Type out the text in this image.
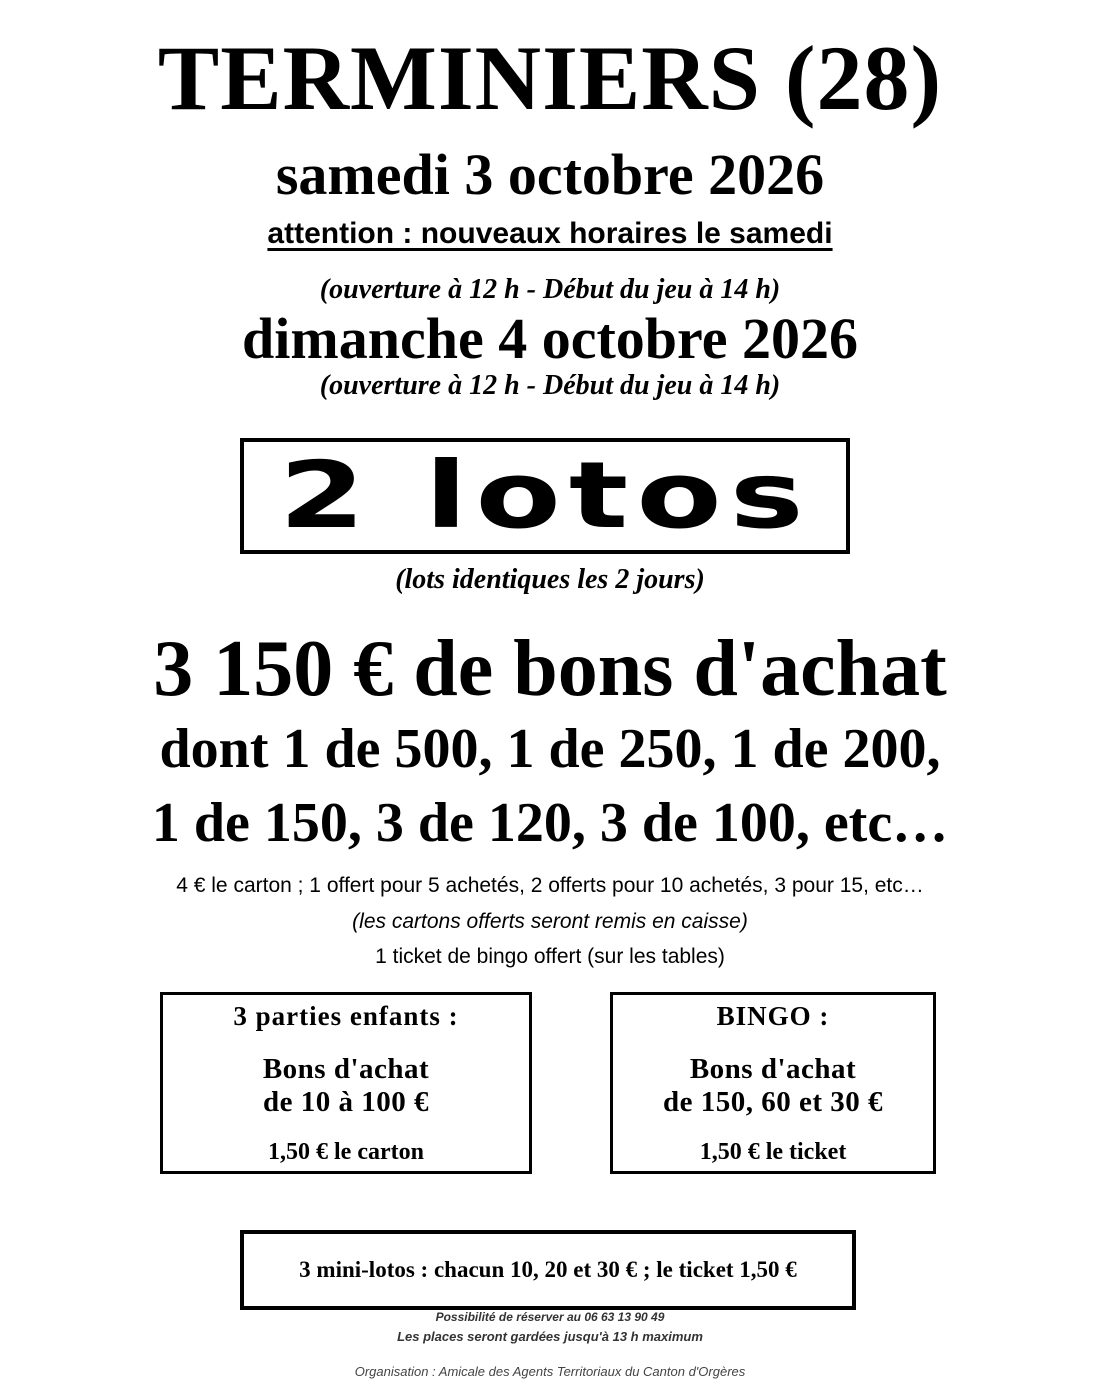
TERMINIERS (28)
samedi 3 octobre 2026
attention : nouveaux horaires le samedi
(ouverture à 12 h - Début du jeu à 14 h)
dimanche 4 octobre 2026
(ouverture à 12 h - Début du jeu à 14 h)
2 lotos
(lots identiques les 2 jours)
3 150 € de bons d'achat
dont 1 de 500, 1 de 250, 1 de 200,
1 de 150, 3 de 120, 3 de 100, etc…
4 € le carton ; 1 offert pour 5 achetés, 2 offerts pour 10 achetés, 3 pour 15, etc…
(les cartons offerts seront remis en caisse)
1 ticket de bingo offert (sur les tables)
3 parties enfants :
Bons d'achat
de 10 à 100 €
1,50 € le carton
BINGO :
Bons d'achat
de 150, 60 et 30 €
1,50 € le ticket
3 mini-lotos : chacun 10, 20 et 30 € ; le ticket 1,50 €
Possibilité de réserver au 06 63 13 90 49
Les places seront gardées jusqu'à 13 h maximum
Organisation : Amicale des Agents Territoriaux du Canton d'Orgères
